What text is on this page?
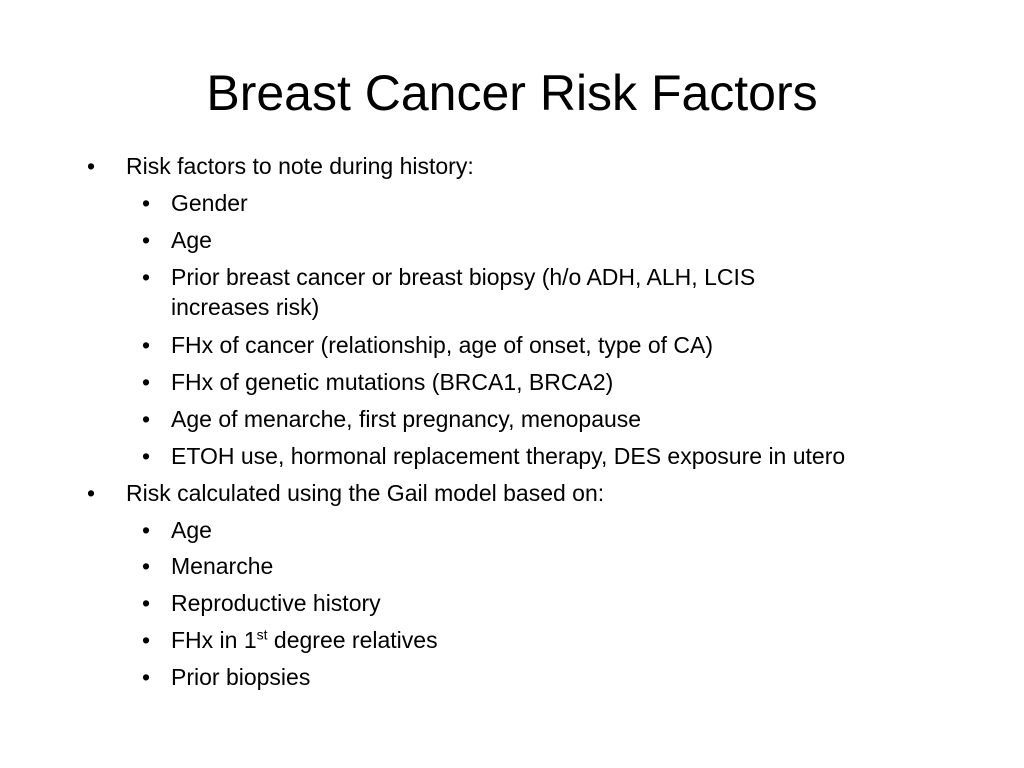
Breast Cancer Risk Factors
• Risk factors to note during history:
• Gender
• Age
• Prior breast cancer or breast biopsy (h/o ADH, ALH, LCIS
increases risk)
• FHx of cancer (relationship, age of onset, type of CA)
• FHx of genetic mutations (BRCA1, BRCA2)
• Age of menarche, first pregnancy, menopause
• ETOH use, hormonal replacement therapy, DES exposure in utero
• Risk calculated using the Gail model based on:
• Age
• Menarche
• Reproductive history
• FHx in 1st degree relatives
• Prior biopsies
